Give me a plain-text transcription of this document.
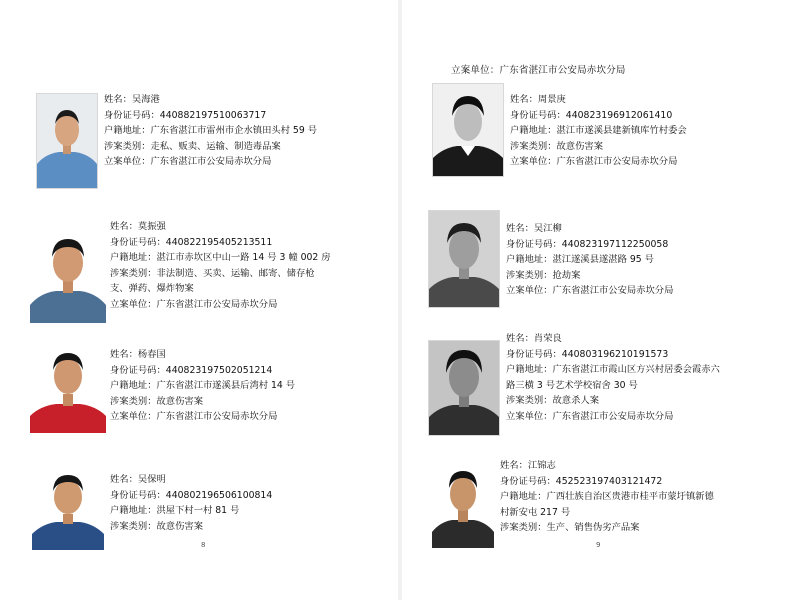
姓名：吴海港
身份证号码：440882197510063717
户籍地址：广东省湛江市雷州市企水镇田头村 59 号
涉案类别：走私、贩卖、运输、制造毒品案
立案单位：广东省湛江市公安局赤坎分局
姓名：莫振强
身份证号码：440822195405213511
户籍地址：湛江市赤坎区中山一路 14 号 3 幢 002 房
涉案类别：非法制造、买卖、运输、邮寄、储存枪
支、弹药、爆炸物案
立案单位：广东省湛江市公安局赤坎分局
姓名：杨春国
身份证号码：440823197502051214
户籍地址：广东省湛江市遂溪县后湾村 14 号
涉案类别：故意伤害案
立案单位：广东省湛江市公安局赤坎分局
姓名：吴保明
身份证号码：440802196506100814
户籍地址：洪屋下村一村 81 号
涉案类别：故意伤害案
8	9
立案单位：广东省湛江市公安局赤坎分局
姓名：周景庚
身份证号码：440823196912061410
户籍地址：湛江市遂溪县建新镇库竹村委会
涉案类别：故意伤害案
立案单位：广东省湛江市公安局赤坎分局
姓名：吴江柳
身份证号码：440823197112250058
户籍地址：湛江遂溪县遂湛路 95 号
涉案类别：抢劫案
立案单位：广东省湛江市公安局赤坎分局
姓名：肖荣良
身份证号码：440803196210191573
户籍地址：广东省湛江市霞山区方兴村居委会霞赤六
路三横 3 号艺术学校宿舍 30 号
涉案类别：故意杀人案
立案单位：广东省湛江市公安局赤坎分局
姓名：江锦志
身份证号码：452523197403121472
户籍地址：广西壮族自治区贵港市桂平市蒙圩镇新德
村新安屯 217 号
涉案类别：生产、销售伪劣产品案
